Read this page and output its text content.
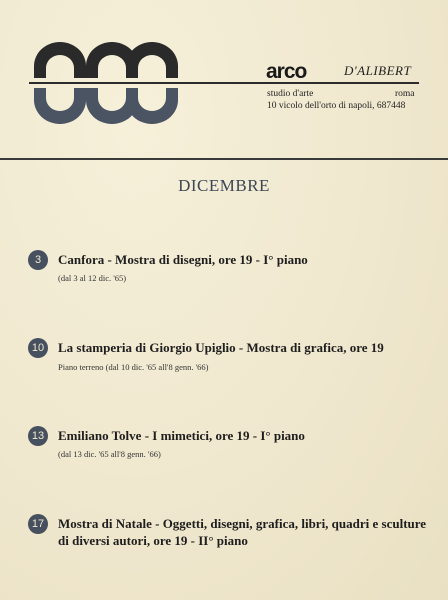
arco	D'ALIBERT
studio d'arte	roma
10 vicolo dell'orto di napoli, 687448
DICEMBRE
3	Canfora - Mostra di disegni, ore 19 - I° piano
(dal 3 al 12 dic. '65)
10 La stamperia di Giorgio Upiglio - Mostra di grafica, ore 19
Piano terreno (dal 10 dic. '65 all'8 genn. '66)
13 Emiliano Tolve - I mimetici, ore 19 - I° piano
(dal 13 dic. '65 all'8 genn. '66)
17 Mostra di Natale - Oggetti, disegni, grafica, libri, quadri e sculture di diversi autori, ore 19 - II° piano
